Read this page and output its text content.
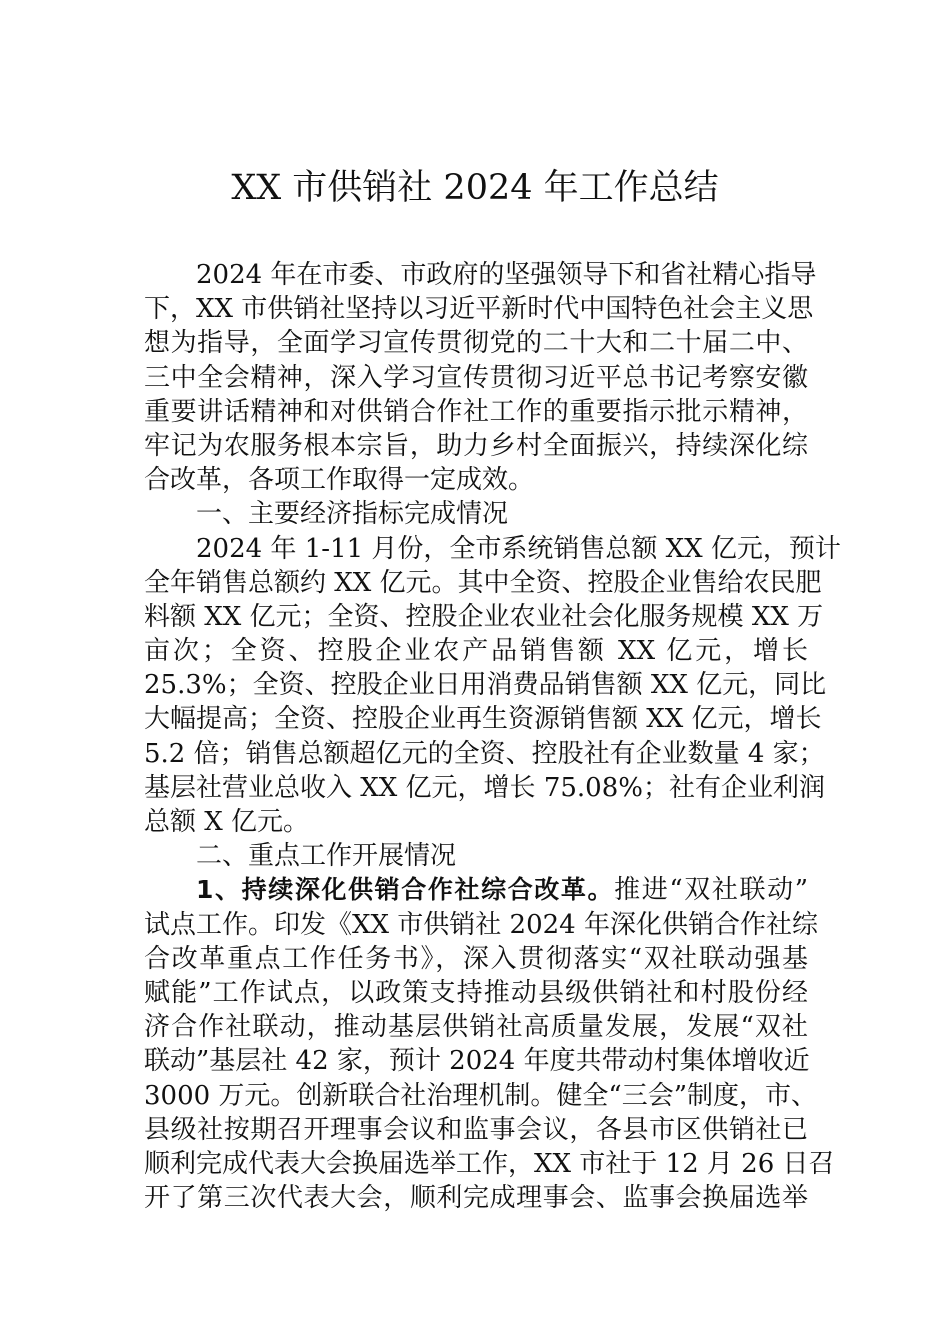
XX 市供销社 2024 年工作总结
2024 年在市委、市政府的坚强领导下和省社精心指导
下，XX 市供销社坚持以习近平新时代中国特色社会主义思
想为指导，全面学习宣传贯彻党的二十大和二十届二中、
三中全会精神，深入学习宣传贯彻习近平总书记考察安徽
重要讲话精神和对供销合作社工作的重要指示批示精神，
牢记为农服务根本宗旨，助力乡村全面振兴，持续深化综
合改革，各项工作取得一定成效。
一、主要经济指标完成情况
2024 年 1-11 月份，全市系统销售总额 XX 亿元，预计
全年销售总额约 XX 亿元。其中全资、控股企业售给农民肥
料额 XX 亿元；全资、控股企业农业社会化服务规模 XX 万
亩次；全资、控股企业农产品销售额 XX 亿元，增长
25.3%；全资、控股企业日用消费品销售额 XX 亿元，同比
大幅提高；全资、控股企业再生资源销售额 XX 亿元，增长
5.2 倍；销售总额超亿元的全资、控股社有企业数量 4 家；
基层社营业总收入 XX 亿元，增长 75.08%；社有企业利润
总额 X 亿元。
二、重点工作开展情况
1、持续深化供销合作社综合改革。推进“双社联动”
试点工作。印发《XX 市供销社 2024 年深化供销合作社综
合改革重点工作任务书》，深入贯彻落实“双社联动强基
赋能”工作试点，以政策支持推动县级供销社和村股份经
济合作社联动，推动基层供销社高质量发展，发展“双社
联动”基层社 42 家，预计 2024 年度共带动村集体增收近
3000 万元。创新联合社治理机制。健全“三会”制度，市、
县级社按期召开理事会议和监事会议，各县市区供销社已
顺利完成代表大会换届选举工作，XX 市社于 12 月 26 日召
开了第三次代表大会，顺利完成理事会、监事会换届选举
